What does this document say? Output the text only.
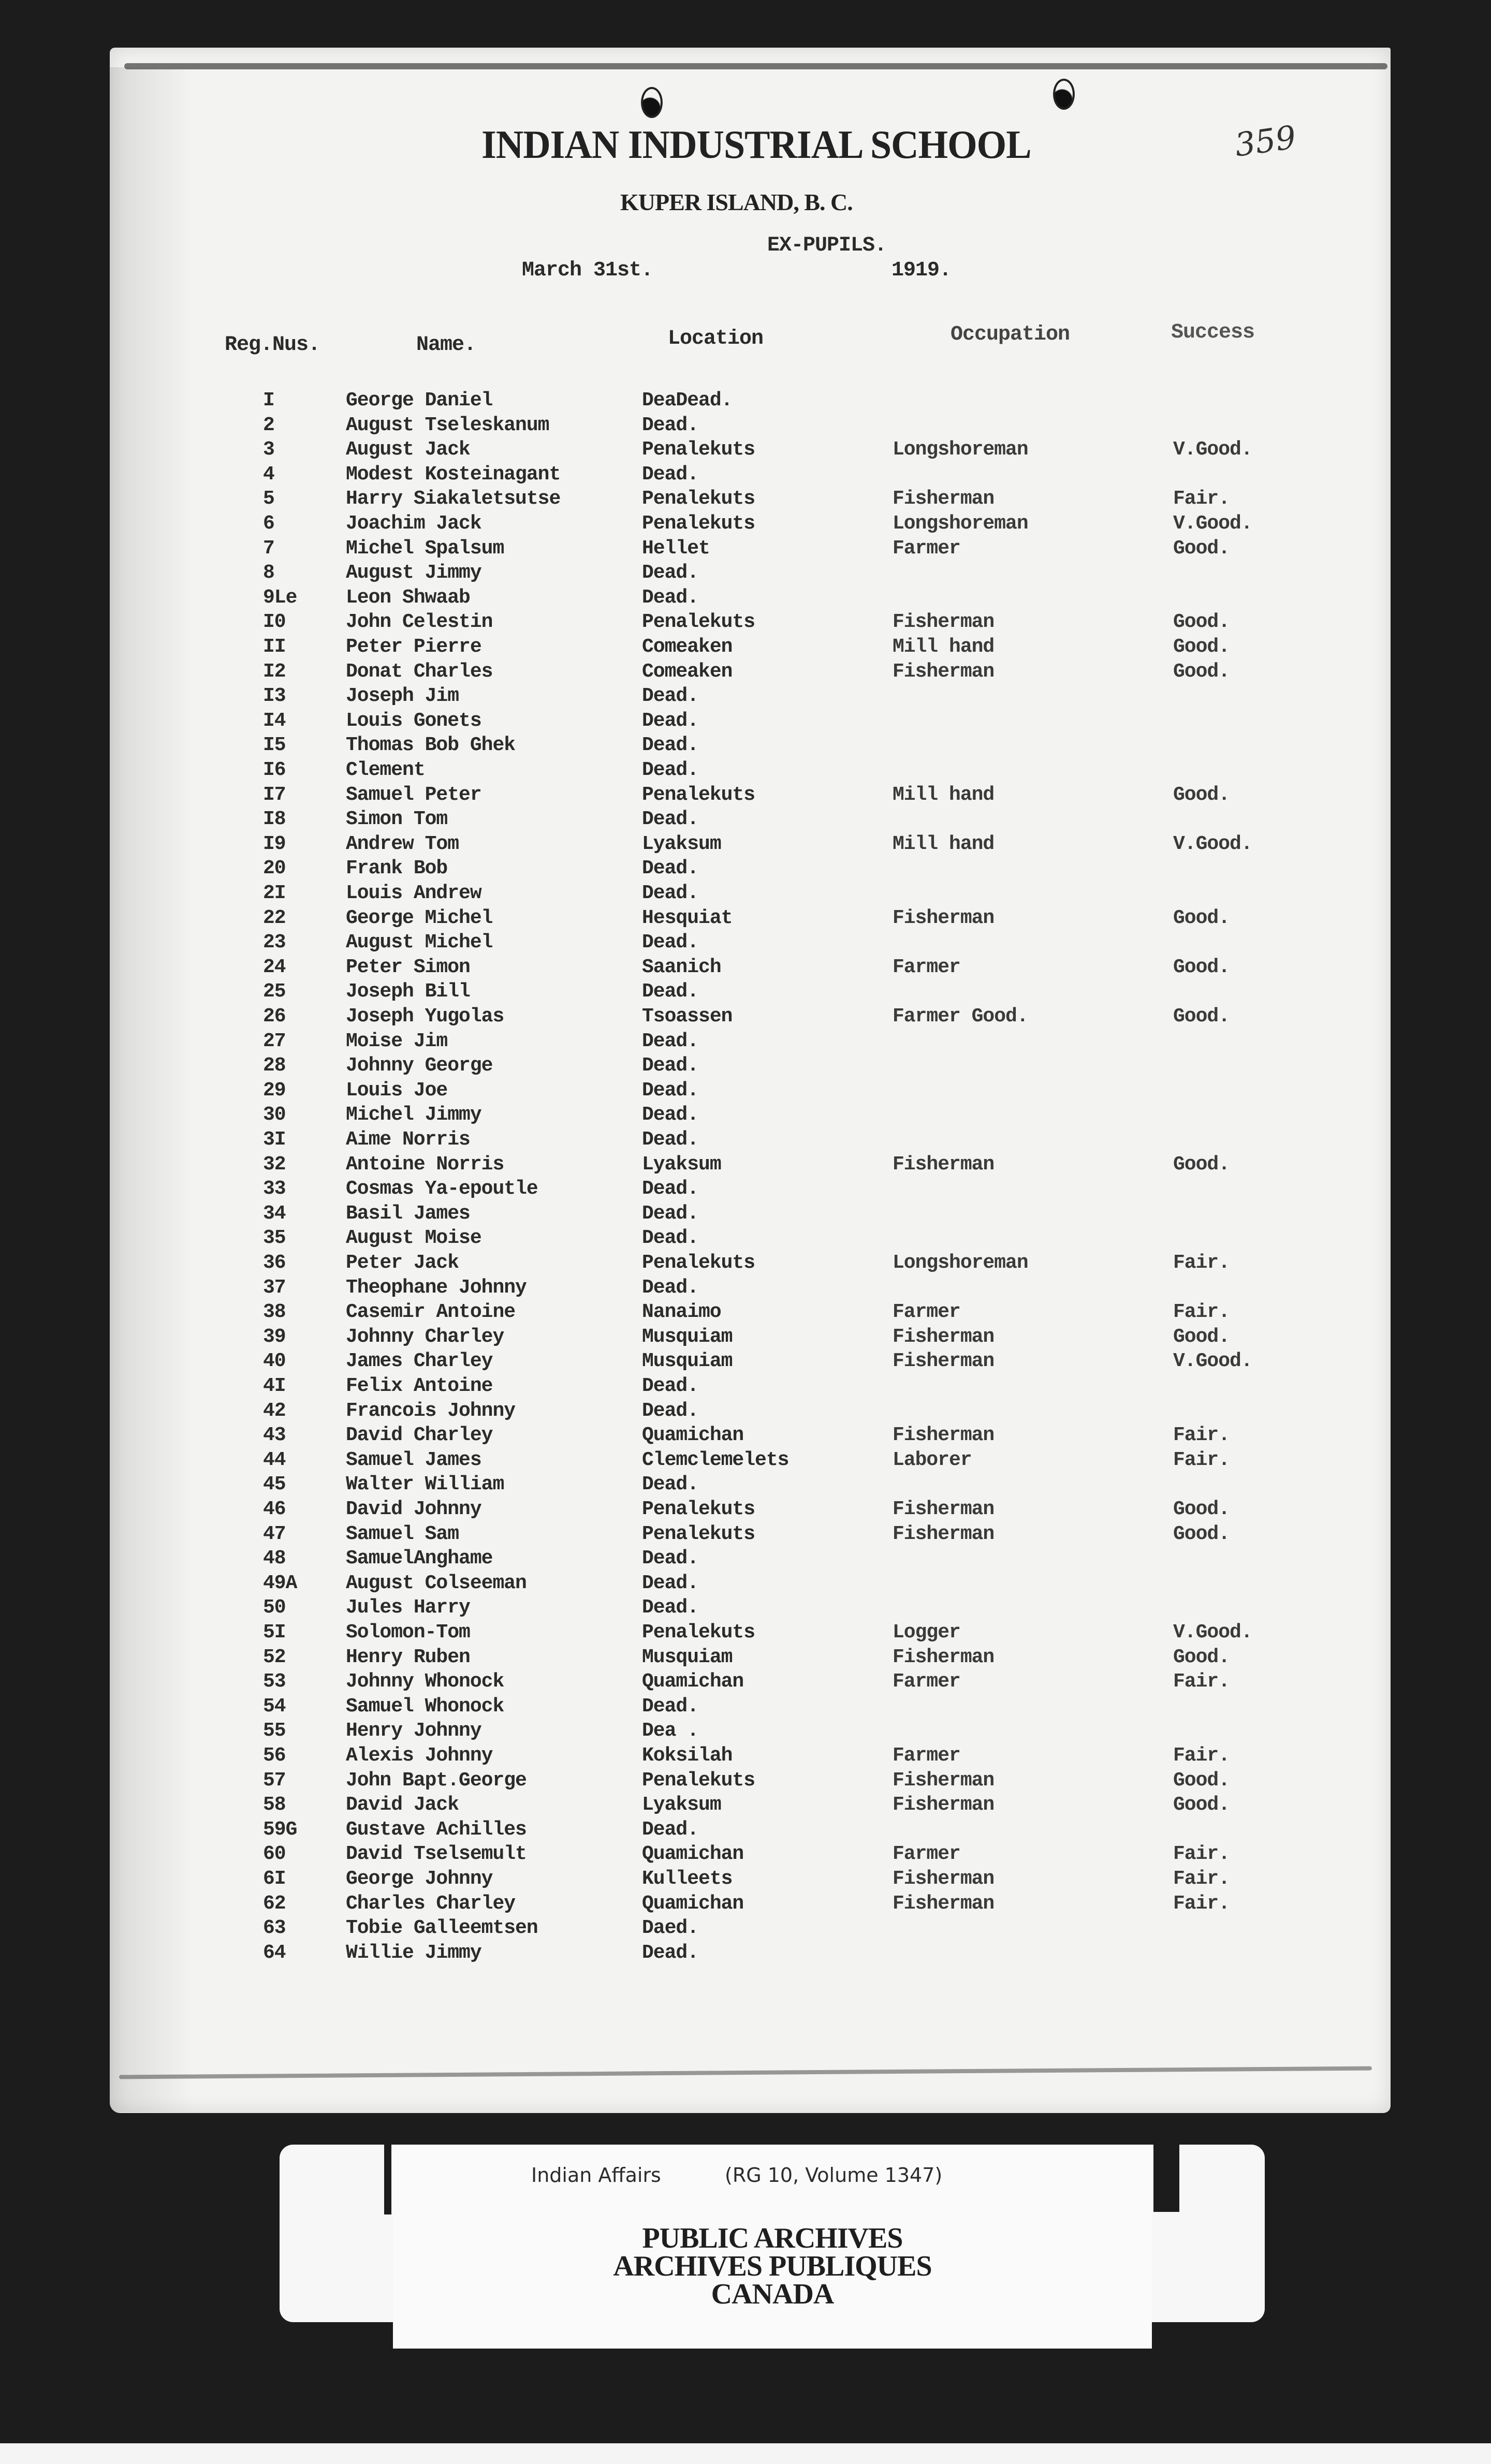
359
INDIAN INDUSTRIAL SCHOOL
KUPER ISLAND, B. C.
EX-PUPILS.
March 31st.	1919.
Reg.Nus.	Name.	Location	Occupation	Success
I	George Daniel	DeaDead.
2	August Tseleskanum	Dead.
3	August Jack	Penalekuts	Longshoreman	V.Good.
4	Modest Kosteinagant	Dead.
5	Harry Siakaletsutse	Penalekuts	Fisherman	Fair.
6	Joachim Jack	Penalekuts	Longshoreman	V.Good.
7	Michel Spalsum	Hellet	Farmer	Good.
8	August Jimmy	Dead.
9Le Leon Shwaab	Dead.
I0	John Celestin	Penalekuts	Fisherman	Good.
II	Peter Pierre	Comeaken	Mill hand	Good.
I2	Donat Charles	Comeaken	Fisherman	Good.
I3	Joseph Jim	Dead.
I4	Louis Gonets	Dead.
I5	Thomas Bob Ghek	Dead.
I6	Clement	Dead.
I7	Samuel Peter	Penalekuts	Mill hand	Good.
I8	Simon Tom	Dead.
I9	Andrew Tom	Lyaksum	Mill hand	V.Good.
20	Frank Bob	Dead.
2I	Louis Andrew	Dead.
22	George Michel	Hesquiat	Fisherman	Good.
23	August Michel	Dead.
24	Peter Simon	Saanich	Farmer	Good.
25	Joseph Bill	Dead.
26	Joseph Yugolas	Tsoassen	Farmer Good.	Good.
27	Moise Jim	Dead.
28	Johnny George	Dead.
29	Louis Joe	Dead.
30	Michel Jimmy	Dead.
3I	Aime Norris	Dead.
32	Antoine Norris	Lyaksum	Fisherman	Good.
33	Cosmas Ya-epoutle	Dead.
34	Basil James	Dead.
35	August Moise	Dead.
36	Peter Jack	Penalekuts	Longshoreman	Fair.
37	Theophane Johnny	Dead.
38	Casemir Antoine	Nanaimo	Farmer	Fair.
39	Johnny Charley	Musquiam	Fisherman	Good.
40	James Charley	Musquiam	Fisherman	V.Good.
4I	Felix Antoine	Dead.
42	Francois Johnny	Dead.
43	David Charley	Quamichan	Fisherman	Fair.
44	Samuel James	Clemclemelets	Laborer	Fair.
45	Walter William	Dead.
46	David Johnny	Penalekuts	Fisherman	Good.
47	Samuel Sam	Penalekuts	Fisherman	Good.
48	SamuelAnghame	Dead.
49A August Colseeman	Dead.
50	Jules Harry	Dead.
5I	Solomon-Tom	Penalekuts	Logger	V.Good.
52	Henry Ruben	Musquiam	Fisherman	Good.
53	Johnny Whonock	Quamichan	Farmer	Fair.
54	Samuel Whonock	Dead.
55	Henry Johnny	Dea .
56	Alexis Johnny	Koksilah	Farmer	Fair.
57	John Bapt.George	Penalekuts	Fisherman	Good.
58	David Jack	Lyaksum	Fisherman	Good.
59G Gustave Achilles	Dead.
60	David Tselsemult	Quamichan	Farmer	Fair.
6I	George Johnny	Kulleets	Fisherman	Fair.
62	Charles Charley	Quamichan	Fisherman	Fair.
63	Tobie Galleemtsen	Daed.
64	Willie Jimmy	Dead.
Indian Affairs	(RG 10, Volume 1347)
PUBLIC ARCHIVES
ARCHIVES PUBLIQUES
CANADA
